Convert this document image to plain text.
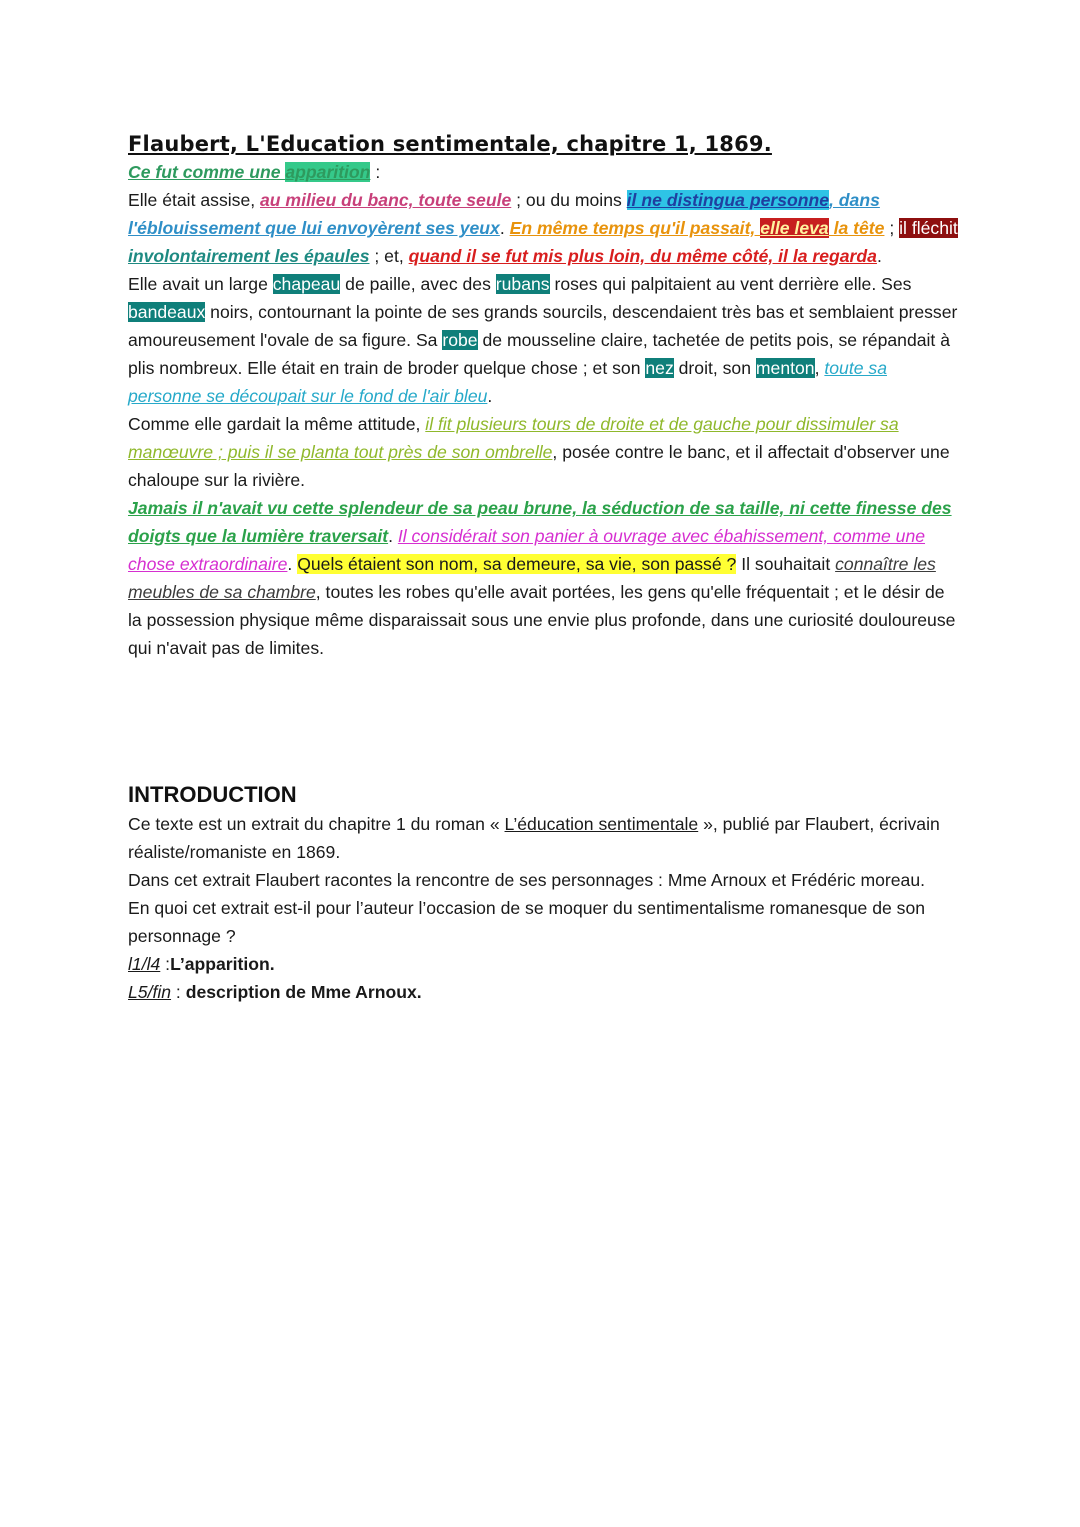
Flaubert, L'Education sentimentale, chapitre 1, 1869.

Ce fut comme une apparition :

Elle était assise, au milieu du banc, toute seule ; ou du moins il ne distingua personne, dans l'éblouissement que lui envoyèrent ses yeux. En même temps qu'il passait, elle leva la tête ; il fléchit involontairement les épaules ; et, quand il se fut mis plus loin, du même côté, il la regarda.

Elle avait un large chapeau de paille, avec des rubans roses qui palpitaient au vent derrière elle. Ses bandeaux noirs, contournant la pointe de ses grands sourcils, descendaient très bas et semblaient presser amoureusement l'ovale de sa figure. Sa robe de mousseline claire, tachetée de petits pois, se répandait à plis nombreux. Elle était en train de broder quelque chose ; et son nez droit, son menton, toute sa personne se découpait sur le fond de l'air bleu.

Comme elle gardait la même attitude, il fit plusieurs tours de droite et de gauche pour dissimuler sa manœuvre ; puis il se planta tout près de son ombrelle, posée contre le banc, et il affectait d'observer une chaloupe sur la rivière.

Jamais il n'avait vu cette splendeur de sa peau brune, la séduction de sa taille, ni cette finesse des doigts que la lumière traversait. Il considérait son panier à ouvrage avec ébahissement, comme une chose extraordinaire. Quels étaient son nom, sa demeure, sa vie, son passé ? Il souhaitait connaître les meubles de sa chambre, toutes les robes qu'elle avait portées, les gens qu'elle fréquentait ; et le désir de la possession physique même disparaissait sous une envie plus profonde, dans une curiosité douloureuse qui n'avait pas de limites.

INTRODUCTION

Ce texte est un extrait du chapitre 1 du roman « L’éducation sentimentale », publié par Flaubert, écrivain réaliste/romaniste en 1869.

Dans cet extrait Flaubert racontes la rencontre de ses personnages : Mme Arnoux et Frédéric moreau.

En quoi cet extrait est-il pour l’auteur l’occasion de se moquer du sentimentalisme romanesque de son personnage ?

l1/l4 :L’apparition.

L5/fin : description de Mme Arnoux.
